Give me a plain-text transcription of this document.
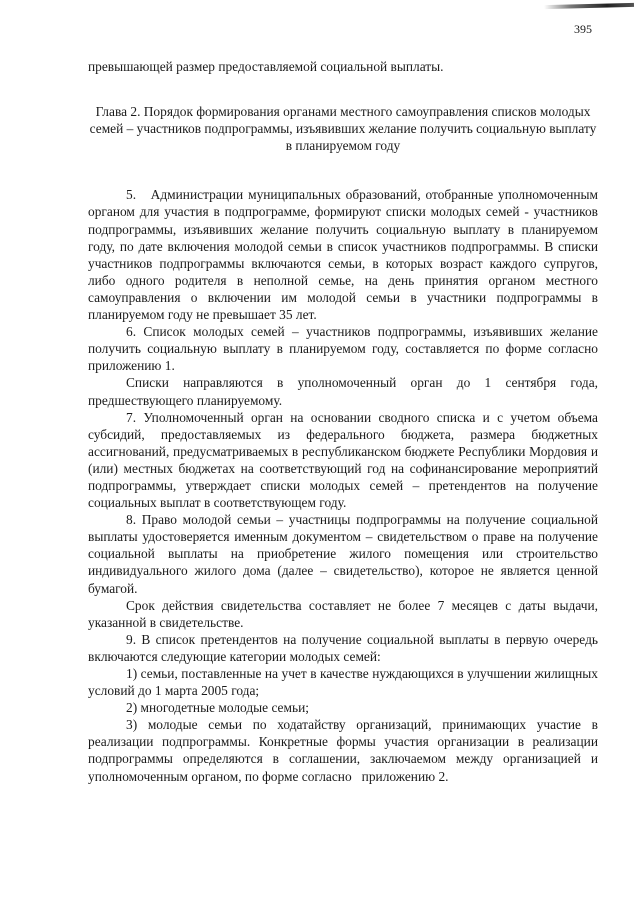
395

превышающей размер предоставляемой социальной выплаты.

Глава 2. Порядок формирования органами местного самоуправления списков молодых семей – участников подпрограммы, изъявивших желание получить социальную выплату в планируемом году

5.   Администрации муниципальных образований, отобранные уполномоченным органом для участия в подпрограмме, формируют списки молодых семей - участников подпрограммы, изъявивших желание получить социальную выплату в планируемом году, по дате включения молодой семьи в список участников подпрограммы. В списки участников подпрограммы включаются семьи, в которых возраст каждого супругов, либо одного родителя в неполной семье, на день принятия органом местного самоуправления о включении им молодой семьи в участники подпрограммы в планируемом году не превышает 35 лет.

6. Список молодых семей – участников подпрограммы, изъявивших желание получить социальную выплату в планируемом году, составляется по форме согласно приложению 1.

Списки направляются в уполномоченный орган до 1 сентября года, предшествующего планируемому.

7. Уполномоченный орган на основании сводного списка и с учетом объема субсидий, предоставляемых из федерального бюджета, размера бюджетных ассигнований, предусматриваемых в республиканском бюджете Республики Мордовия и (или) местных бюджетах на соответствующий год на софинансирование мероприятий подпрограммы, утверждает списки молодых семей – претендентов на получение социальных выплат в соответствующем году.

8. Право молодой семьи – участницы подпрограммы на получение социальной выплаты удостоверяется именным документом – свидетельством о праве на получение социальной выплаты на приобретение жилого помещения или строительство индивидуального жилого дома (далее – свидетельство), которое не является ценной бумагой.

Срок действия свидетельства составляет не более 7 месяцев с даты выдачи, указанной в свидетельстве.

9. В список претендентов на получение социальной выплаты в первую очередь включаются следующие категории молодых семей:

1) семьи, поставленные на учет в качестве нуждающихся в улучшении жилищных условий до 1 марта 2005 года;

2) многодетные молодые семьи;

3) молодые семьи по ходатайству организаций, принимающих участие в реализации подпрограммы. Конкретные формы участия организации в реализации подпрограммы определяются в соглашении, заключаемом между организацией и уполномоченным органом, по форме согласно   приложению 2.
